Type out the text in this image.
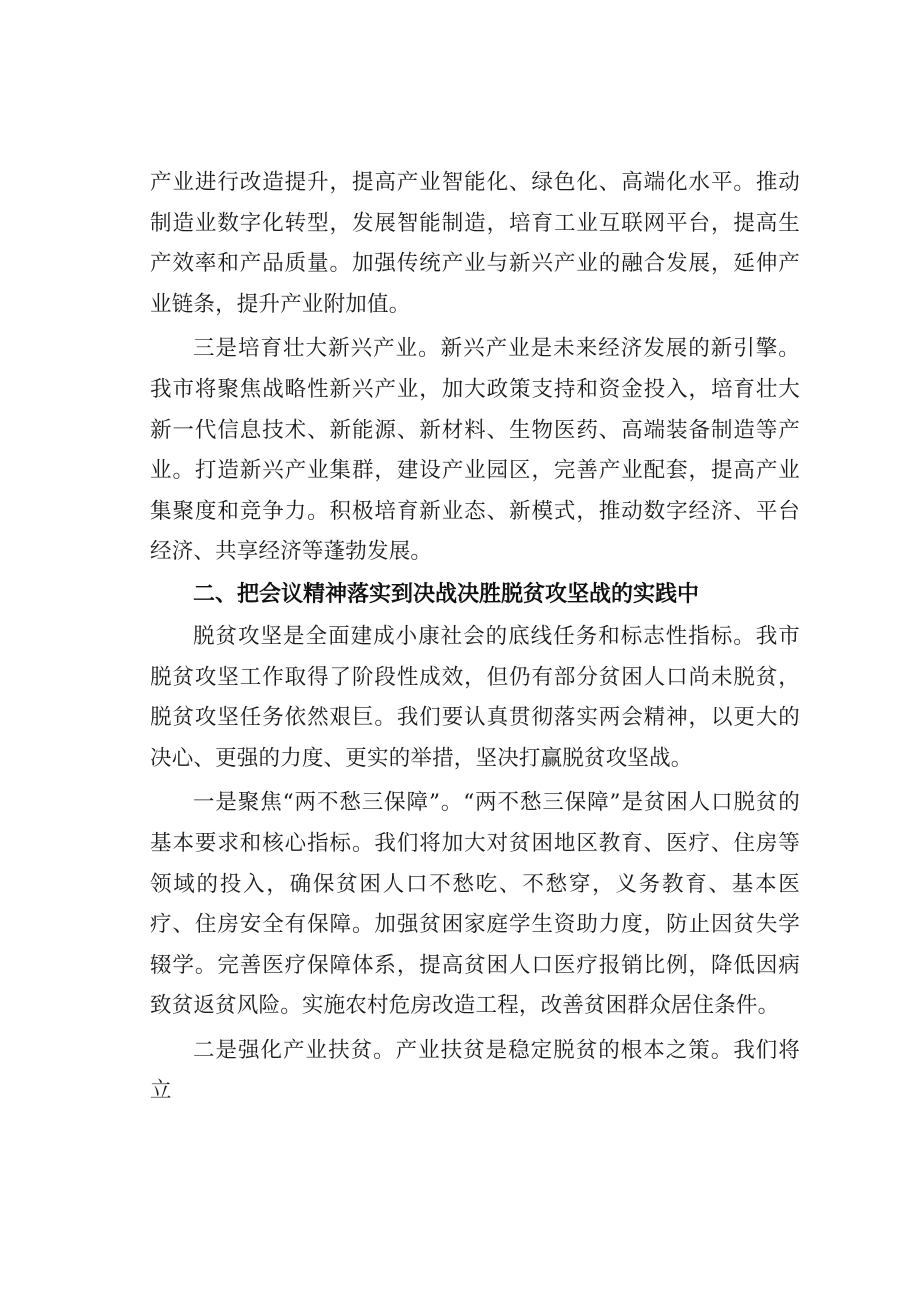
产业进行改造提升，提高产业智能化、绿色化、高端化水平。推动制造业数字化转型，发展智能制造，培育工业互联网平台，提高生产效率和产品质量。加强传统产业与新兴产业的融合发展，延伸产业链条，提升产业附加值。

三是培育壮大新兴产业。新兴产业是未来经济发展的新引擎。我市将聚焦战略性新兴产业，加大政策支持和资金投入，培育壮大新一代信息技术、新能源、新材料、生物医药、高端装备制造等产业。打造新兴产业集群，建设产业园区，完善产业配套，提高产业集聚度和竞争力。积极培育新业态、新模式，推动数字经济、平台经济、共享经济等蓬勃发展。

二、把会议精神落实到决战决胜脱贫攻坚战的实践中

脱贫攻坚是全面建成小康社会的底线任务和标志性指标。我市脱贫攻坚工作取得了阶段性成效，但仍有部分贫困人口尚未脱贫，脱贫攻坚任务依然艰巨。我们要认真贯彻落实两会精神，以更大的决心、更强的力度、更实的举措，坚决打赢脱贫攻坚战。

一是聚焦“两不愁三保障”。“两不愁三保障”是贫困人口脱贫的基本要求和核心指标。我们将加大对贫困地区教育、医疗、住房等领域的投入，确保贫困人口不愁吃、不愁穿，义务教育、基本医疗、住房安全有保障。加强贫困家庭学生资助力度，防止因贫失学辍学。完善医疗保障体系，提高贫困人口医疗报销比例，降低因病致贫返贫风险。实施农村危房改造工程，改善贫困群众居住条件。

二是强化产业扶贫。产业扶贫是稳定脱贫的根本之策。我们将立
